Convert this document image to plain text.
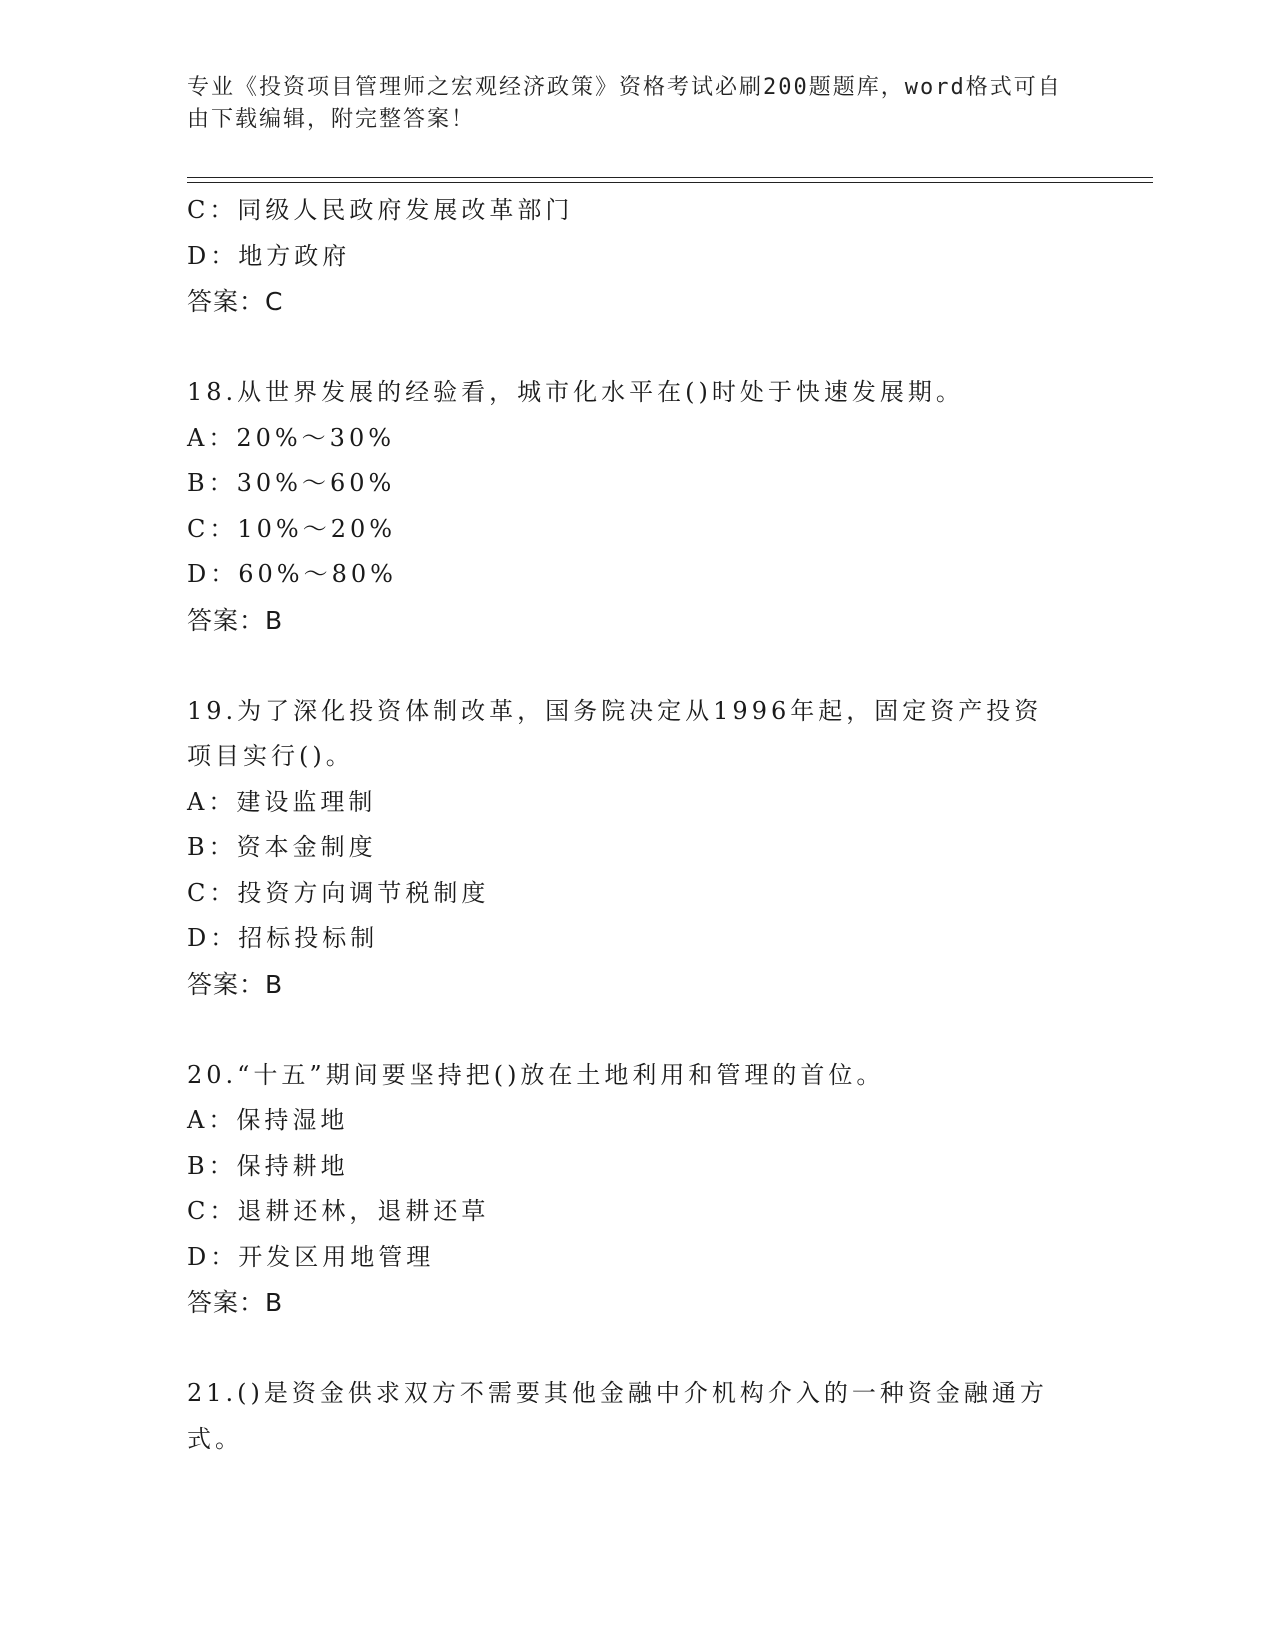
专业《投资项目管理师之宏观经济政策》资格考试必刷200题题库，word格式可自由下载编辑，附完整答案！
C：同级人民政府发展改革部门
D：地方政府
答案：C
18.从世界发展的经验看，城市化水平在()时处于快速发展期。
A：20%～30%
B：30%～60%
C：10%～20%
D：60%～80%
答案：B
19.为了深化投资体制改革，国务院决定从1996年起，固定资产投资项目实行()。
A：建设监理制
B：资本金制度
C：投资方向调节税制度
D：招标投标制
答案：B
20.“十五”期间要坚持把()放在土地利用和管理的首位。
A：保持湿地
B：保持耕地
C：退耕还林，退耕还草
D：开发区用地管理
答案：B
21.()是资金供求双方不需要其他金融中介机构介入的一种资金融通方式。
